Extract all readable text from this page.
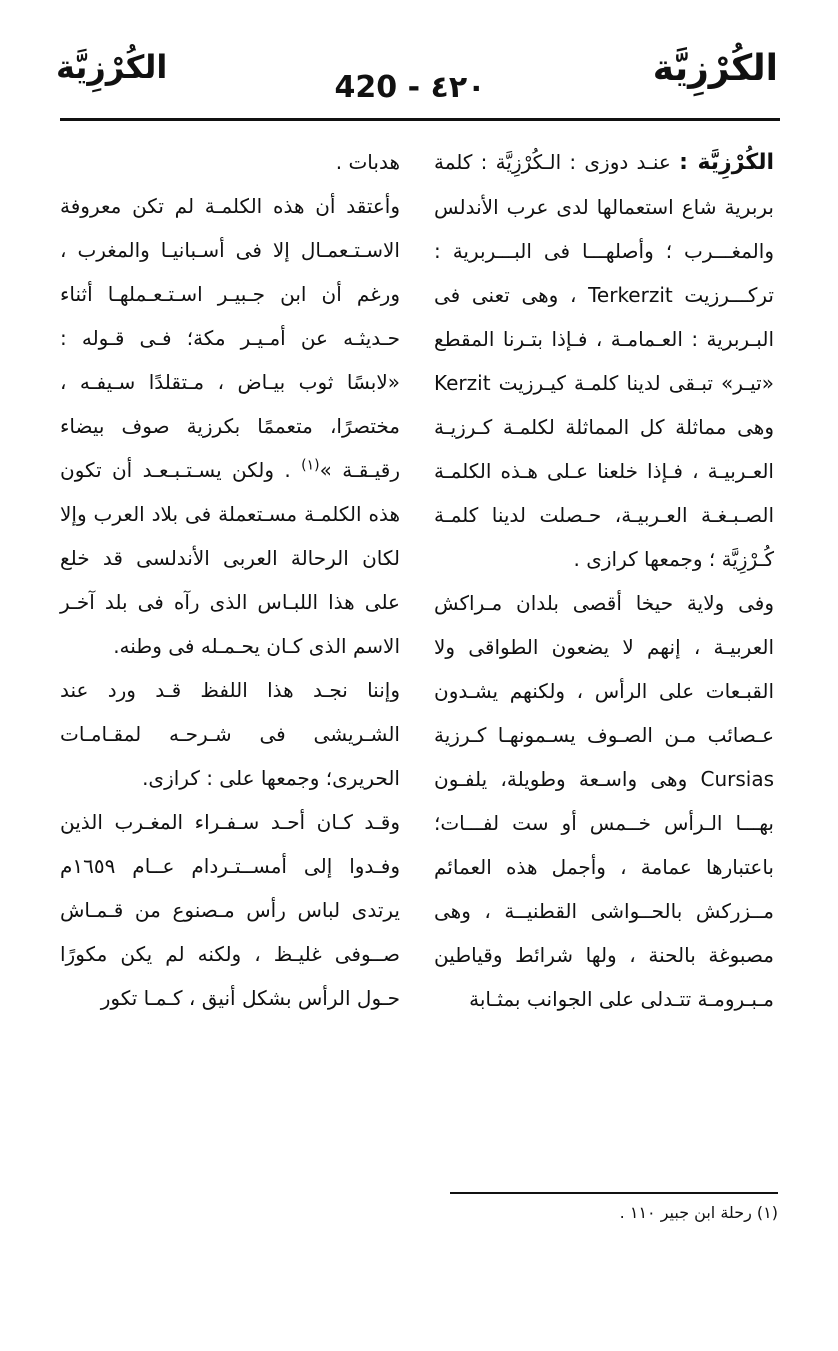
الكُرْزِيَّة
420 - ٤٢٠
الكُرْزِيَّة

الكُرْزِيَّة : عنـد دوزى : الـكُرْزِيَّة : كلمة بربرية شاع استعمالها لدى عرب الأندلس والمغـــرب ؛ وأصلهـــا فى البـــربرية : تركـــرزيت Terkerzit ، وهى تعنى فى البـربرية : العـمامـة ، فـإذا بتـرنا المقطع «تيـر» تبـقى لدينا كلمـة كيـرزيت Kerzit وهى مماثلة كل المماثلة لكلمـة كـرزيـة العـربيـة ، فـإذا خلعنا عـلى هـذه الكلمـة الصـبـغـة العـربيـة، حـصلت لدينا كلمـة كُـرْزِيَّة ؛ وجمعها كرازى .

وفى ولاية حيخا أقصى بلدان مـراكش العربيـة ، إنهم لا يضعون الطواقى ولا القبـعات على الرأس ، ولكنهم يشـدون عـصائب مـن الصـوف يسـمونهـا كـرزية Cursias وهى واسـعة وطويلة، يلفـون بهـــا الـرأس خــمس أو ست لفـــات؛ باعتبارها عمامة ، وأجمل هذه العمائم مــزركش بالحــواشى القطنيــة ، وهى مصبوغة بالحنة ، ولها شرائط وقياطين مـبـرومـة تتـدلى على الجوانب بمثـابة

هدبات .

وأعتقد أن هذه الكلمـة لم تكن معروفة الاسـتـعمـال إلا فى أسـبانيـا والمغرب ، ورغم أن ابن جـبيـر اسـتـعـملهـا أثناء حـديثـه عن أمـيـر مكة؛ فـى قـوله : «لابسًا ثوب بيـاض ، مـتقلدًا سـيفـه ، مختصرًا، متعممًا بكرزية صوف بيضاء رقيـقـة »$^{(١)}$ . ولكن يسـتـبـعـد أن تكون هذه الكلمـة مسـتعملة فى بلاد العرب وإلا لكان الرحالة العربى الأندلسى قد خلع على هذا اللبـاس الذى رآه فى بلد آخـر الاسم الذى كـان يحـمـله فى وطنه.

وإننا نجـد هذا اللفظ قـد ورد عند الشـريشى فى شـرحـه لمقـامـات الحريرى؛ وجمعها على : كرازى.

وقـد كـان أحـد سـفـراء المغـرب الذين وفـدوا إلى أمســتـردام عــام ١٦٥٩م يرتدى لباس رأس مـصنوع من قـمـاش صــوفى غليـظ ، ولكنه لم يكن مكورًا حـول الرأس بشكل أنيق ، كـمـا تكور

(١) رحلة ابن جبير ١١٠ .
